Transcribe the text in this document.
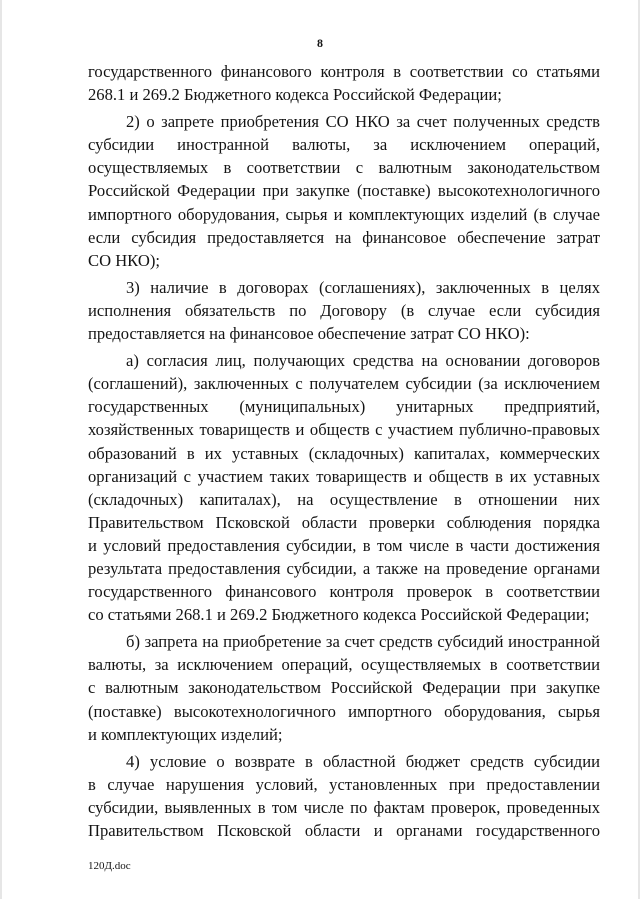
8
государственного финансового контроля в соответствии со статьями
268.1 и 269.2 Бюджетного кодекса Российской Федерации;
2) о запрете приобретения СО НКО за счет полученных средств
субсидии иностранной валюты, за исключением операций,
осуществляемых в соответствии с валютным законодательством
Российской Федерации при закупке (поставке) высокотехнологичного
импортного оборудования, сырья и комплектующих изделий (в случае
если субсидия предоставляется на финансовое обеспечение затрат
СО НКО);
3) наличие в договорах (соглашениях), заключенных в целях
исполнения обязательств по Договору (в случае если субсидия
предоставляется на финансовое обеспечение затрат СО НКО):
а) согласия лиц, получающих средства на основании договоров
(соглашений), заключенных с получателем субсидии (за исключением
государственных (муниципальных) унитарных предприятий,
хозяйственных товариществ и обществ с участием публично-правовых
образований в их уставных (складочных) капиталах, коммерческих
организаций с участием таких товариществ и обществ в их уставных
(складочных) капиталах), на осуществление в отношении них
Правительством Псковской области проверки соблюдения порядка
и условий предоставления субсидии, в том числе в части достижения
результата предоставления субсидии, а также на проведение органами
государственного финансового контроля проверок в соответствии
со статьями 268.1 и 269.2 Бюджетного кодекса Российской Федерации;
б) запрета на приобретение за счет средств субсидий иностранной
валюты, за исключением операций, осуществляемых в соответствии
с валютным законодательством Российской Федерации при закупке
(поставке) высокотехнологичного импортного оборудования, сырья
и комплектующих изделий;
4) условие о возврате в областной бюджет средств субсидии
в случае нарушения условий, установленных при предоставлении
субсидии, выявленных в том числе по фактам проверок, проведенных
Правительством Псковской области и органами государственного
120Д.doc
